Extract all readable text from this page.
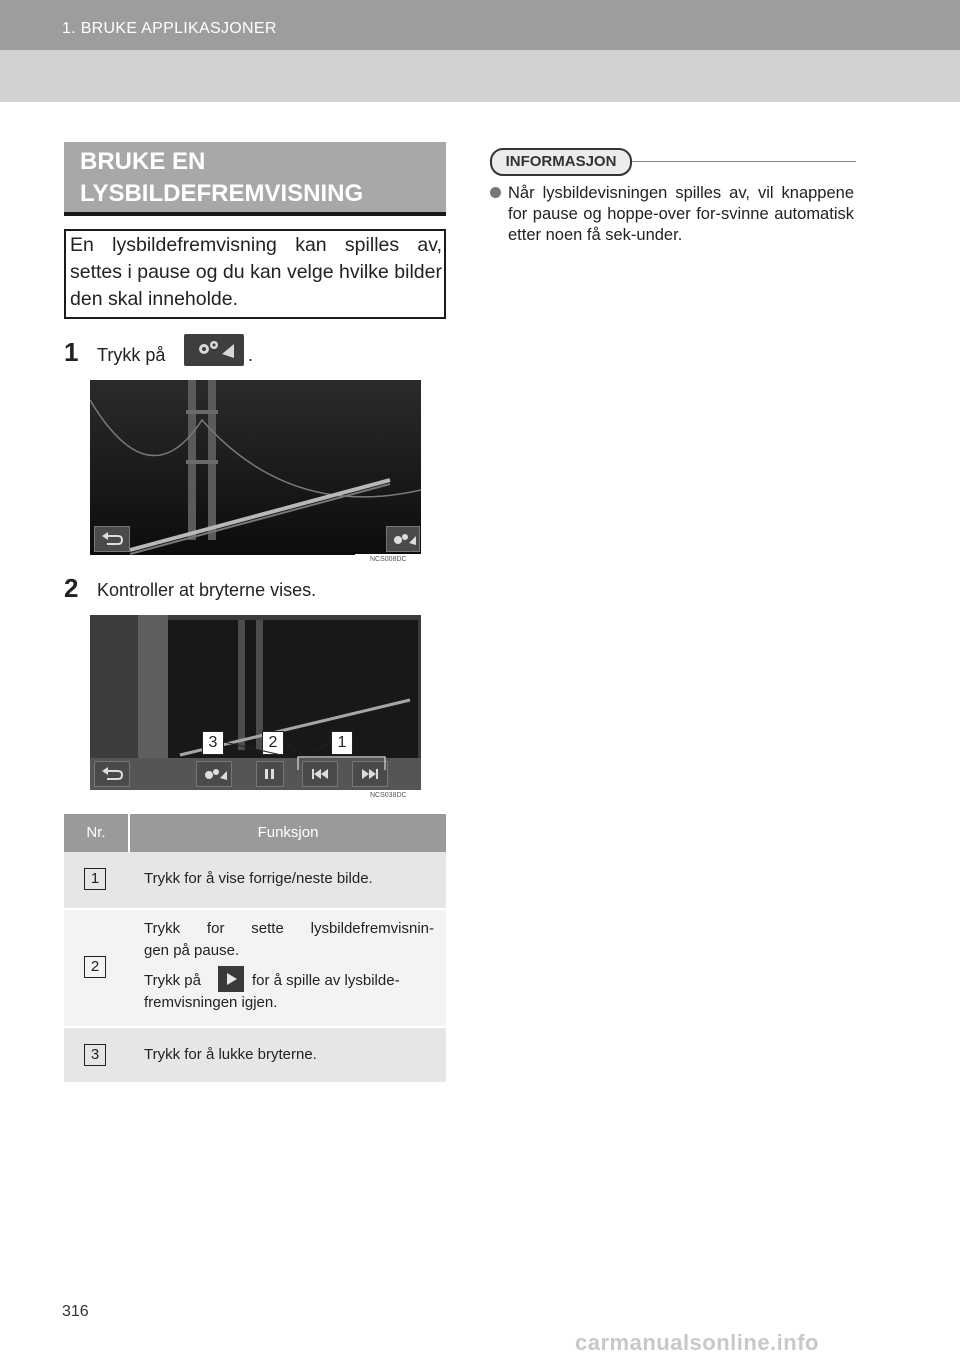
1. BRUKE APPLIKASJONER
BRUKE EN
LYSBILDEFREMVISNING
En lysbildefremvisning kan spilles av, settes i pause og du kan velge hvilke bilder den skal inneholde.
1 Trykk på	.
NCS008DC
2 Kontroller at bryterne vises.
NCS038DC
3	2	1
Nr.	Funksjon
1	Trykk for å vise forrige/neste bilde.
2
Trykk for sette lysbildefremvisnin-
gen på pause.
Trykk på	for å spille av lysbilde-
fremvisningen igjen.
3	Trykk for å lukke bryterne.
INFORMASJON
Når lysbildevisningen spilles av, vil knappene for pause og hoppe-over for-svinne automatisk etter noen få sek-under.
316
carmanualsonline.info
